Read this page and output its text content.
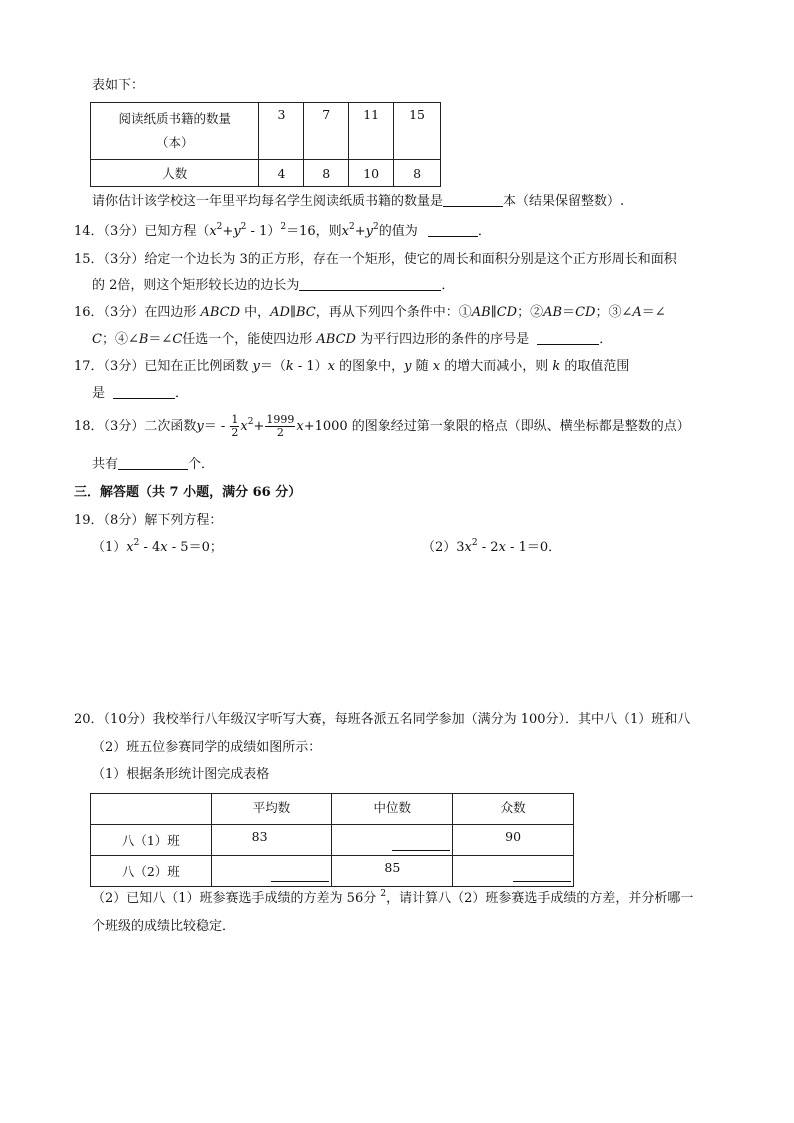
表如下：
阅读纸质书籍的数量
（本）	3	7	11	15
人数	4	8	10	8
请你估计该学校这一年里平均每名学生阅读纸质书籍的数量是	本（结果保留整数）.
14．（3分）已知方程$(x^2+y^2 - 1)^2=16$，则$x^2+y^2$的值为	．
15．（3分）给定一个边长为 3的正方形，存在一个矩形，使它的周长和面积分别是这个正方形周长和面积
的 2倍，则这个矩形较长边的边长为	．
16．（3分）在四边形 ABCD 中，AD∥BC，再从下列四个条件中：①AB∥CD；②AB＝CD；③∠A＝∠
C；④∠B＝∠C任选一个，能使四边形 ABCD 为平行四边形的条件的序号是	．
17．（3分）已知在正比例函数 y＝（k - 1）x 的图象中，y 随 x 的增大而减小，则 k 的取值范围
是	．
18．（3分）二次函数$y= - \frac{1}{2} x^2+ \frac{1999}{2} x+1000$ 的图象经过第一象限的格点（即纵、横坐标都是整数的点）
共有	个．
三．解答题（共 7 小题，满分 66 分）
19．（8分）解下列方程：
$(1)x^2 - 4x - 5=0$；	$(2)3x^2 - 2x - 1=0$．
20．（10分）我校举行八年级汉字听写大赛，每班各派五名同学参加（满分为 100分）．其中八（1）班和八
（2）班五位参赛同学的成绩如图所示：
（1）根据条形统计图完成表格
	平均数	中位数	众数
八（1）班	83		90
八（2）班		85	
（2）已知八（1）班参赛选手成绩的方差为 56分 $^2$，请计算八（2）班参赛选手成绩的方差，并分析哪一
个班级的成绩比较稳定．
